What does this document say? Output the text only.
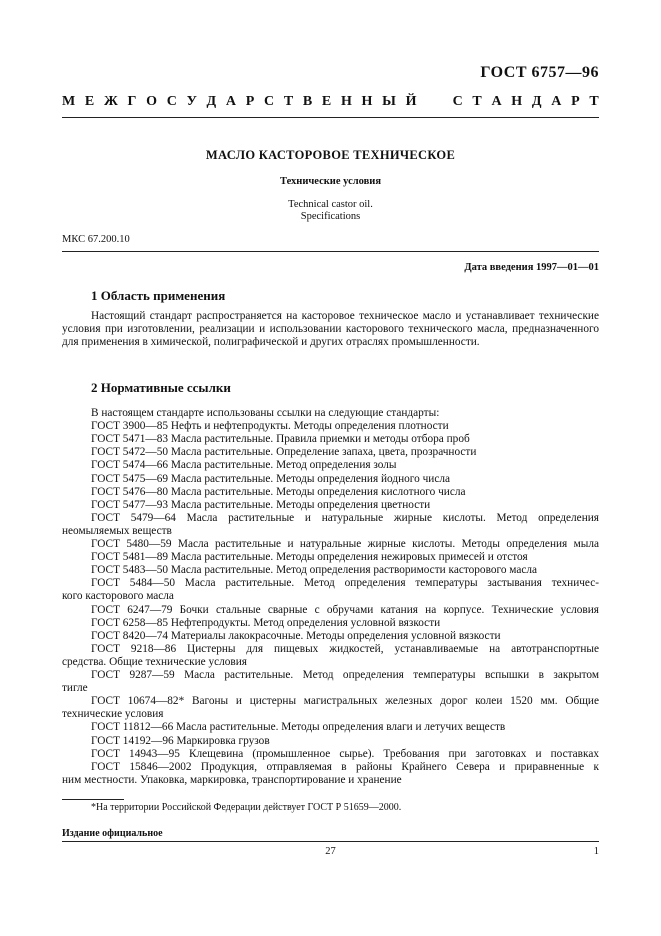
ГОСТ 6757—96
М Е Ж Г О С У Д А Р С Т В Е Н Н Ы Й

	С Т А Н Д А Р Т
МАСЛО КАСТОРОВОЕ ТЕХНИЧЕСКОЕ
Технические условия
Technical castor oil.
Specifications
МКС 67.200.10
Дата введения 1997—01—01
1 Область применения
Настоящий стандарт распространяется на касторовое техническое масло и устанавливает технические условия при изготовлении, реализации и использовании касторового технического масла, предназначенного для применения в химической, полиграфической и других отраслях промышленности.
2 Нормативные ссылки
В настоящем стандарте использованы ссылки на следующие стандарты:
ГОСТ 3900—85 Нефть и нефтепродукты. Методы определения плотности
ГОСТ 5471—83 Масла растительные. Правила приемки и методы отбора проб
ГОСТ 5472—50 Масла растительные. Определение запаха, цвета, прозрачности
ГОСТ 5474—66 Масла растительные. Метод определения золы
ГОСТ 5475—69 Масла растительные. Методы определения йодного числа
ГОСТ 5476—80 Масла растительные. Методы определения кислотного числа
ГОСТ 5477—93 Масла растительные. Методы определения цветности
ГОСТ 5479—64 Масла растительные и натуральные жирные кислоты. Метод определения
неомыляемых веществ
ГОСТ 5480—59 Масла растительные и натуральные жирные кислоты. Методы определения мыла
ГОСТ 5481—89 Масла растительные. Методы определения нежировых примесей и отстоя
ГОСТ 5483—50 Масла растительные. Метод определения растворимости касторового масла
ГОСТ 5484—50 Масла растительные. Метод определения температуры застывания техничес-
кого касторового масла
ГОСТ 6247—79 Бочки стальные сварные с обручами катания на корпусе. Технические условия
ГОСТ 6258—85 Нефтепродукты. Метод определения условной вязкости
ГОСТ 8420—74 Материалы лакокрасочные. Методы определения условной вязкости
ГОСТ 9218—86 Цистерны для пищевых жидкостей, устанавливаемые на автотранспортные
средства. Общие технические условия
ГОСТ 9287—59 Масла растительные. Метод определения температуры вспышки в закрытом
тигле
ГОСТ 10674—82* Вагоны и цистерны магистральных железных дорог колеи 1520 мм. Общие
технические условия
ГОСТ 11812—66 Масла растительные. Методы определения влаги и летучих веществ
ГОСТ 14192—96 Маркировка грузов
ГОСТ 14943—95 Клещевина (промышленное сырье). Требования при заготовках и поставках
ГОСТ 15846—2002 Продукция, отправляемая в районы Крайнего Севера и приравненные к
ним местности. Упаковка, маркировка, транспортирование и хранение
*На территории Российской Федерации действует ГОСТ Р 51659—2000.
Издание официальное
27	1
